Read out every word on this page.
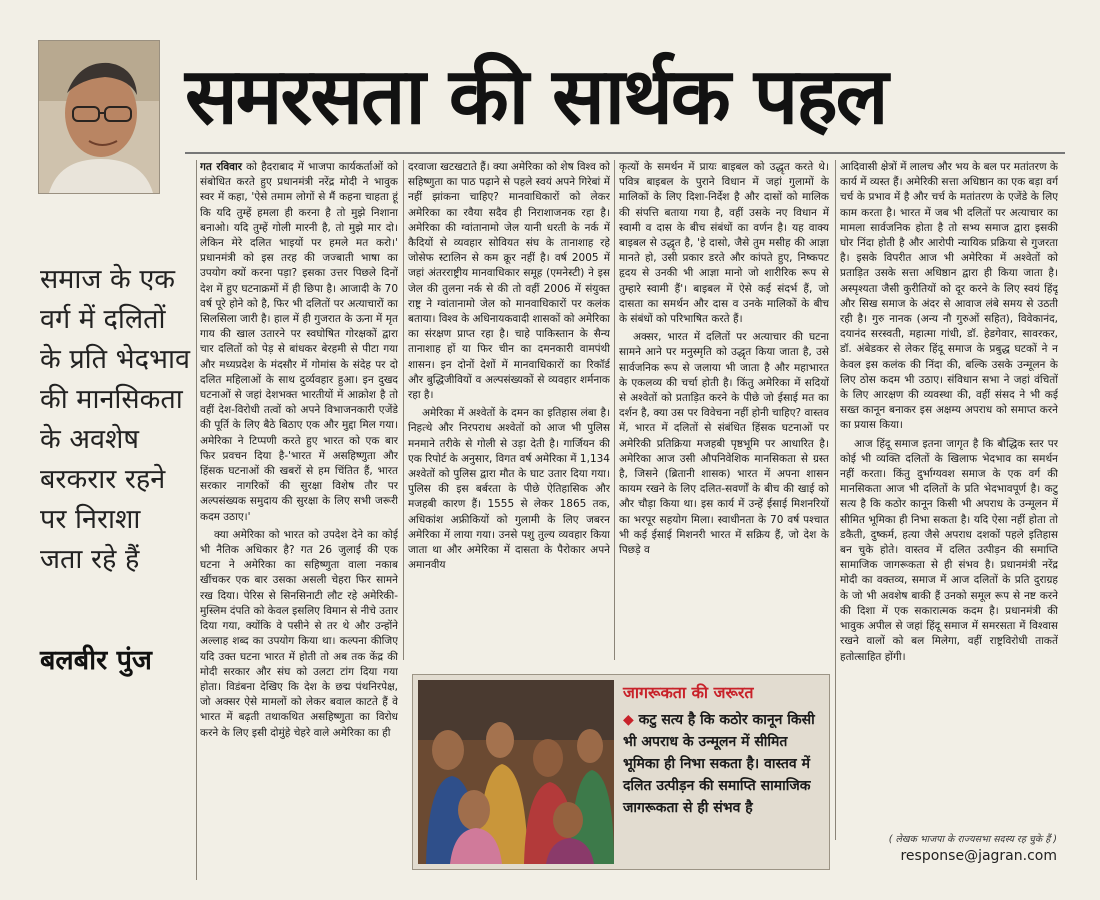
समरसता की सार्थक पहल
समाज के एक वर्ग में दलितों के प्रति भेदभाव की मानसिकता के अवशेष बरकरार रहने पर निराशा जता रहे हैं
बलबीर पुंज

गत रविवार को हैदराबाद में भाजपा कार्यकर्ताओं को संबोधित करते हुए प्रधानमंत्री नरेंद्र मोदी ने भावुक स्वर में कहा, 'ऐसे तमाम लोगों से मैं कहना चाहता हूं कि यदि तुम्हें हमला ही करना है तो मुझे निशाना बनाओ। यदि तुम्हें गोली मारनी है, तो मुझे मार दो। लेकिन मेरे दलित भाइयों पर हमले मत करो।' प्रधानमंत्री को इस तरह की जज्बाती भाषा का उपयोग क्यों करना पड़ा? इसका उत्तर पिछले दिनों देश में हुए घटनाक्रमों में ही छिपा है। आजादी के 70 वर्ष पूरे होने को है, फिर भी दलितों पर अत्याचारों का सिलसिला जारी है। हाल में ही गुजरात के ऊना में मृत गाय की खाल उतारने पर स्वघोषित गोरक्षकों द्वारा चार दलितों को पेड़ से बांधकर बेरहमी से पीटा गया और मध्यप्रदेश के मंदसौर में गोमांस के संदेह पर दो दलित महिलाओं के साथ दुर्व्यवहार हुआ। इन दुखद घटनाओं से जहां देशभक्त भारतीयों में आक्रोश है तो वहीं देश-विरोधी तत्वों को अपने विभाजनकारी एजेंडे की पूर्ति के लिए बैठे बिठाए एक और मुद्दा मिल गया। अमेरिका ने टिप्पणी करते हुए भारत को एक बार फिर प्रवचन दिया है-'भारत में असहिष्णुता और हिंसक घटनाओं की खबरों से हम चिंतित हैं, भारत सरकार नागरिकों की सुरक्षा विशेष तौर पर अल्पसंख्यक समुदाय की सुरक्षा के लिए सभी जरूरी कदम उठाए।'

क्या अमेरिका को भारत को उपदेश देने का कोई भी नैतिक अधिकार है? गत 26 जुलाई की एक घटना ने अमेरिका का सहिष्णुता वाला नकाब खींचकर एक बार उसका असली चेहरा फिर सामने रख दिया। पेरिस से सिनसिनाटी लौट रहे अमेरिकी-मुस्लिम दंपति को केवल इसलिए विमान से नीचे उतार दिया गया, क्योंकि वे पसीने से तर थे और उन्होंने अल्लाह शब्द का उपयोग किया था। कल्पना कीजिए यदि उक्त घटना भारत में होती तो अब तक केंद्र की मोदी सरकार और संघ को उलटा टांग दिया गया होता। विडंबना देखिए कि देश के छद्म पंथनिरपेक्ष, जो अक्सर ऐसे मामलों को लेकर बवाल काटते हैं वे भारत में बढ़ती तथाकथित असहिष्णुता का विरोध करने के लिए इसी दोमुंहे चेहरे वाले अमेरिका का ही

दरवाजा खटखटाते हैं। क्या अमेरिका को शेष विश्व को सहिष्णुता का पाठ पढ़ाने से पहले स्वयं अपने गिरेबां में नहीं झांकना चाहिए? मानवाधिकारों को लेकर अमेरिका का रवैया सदैव ही निराशाजनक रहा है। अमेरिका की ग्वांतानामो जेल यानी धरती के नर्क में कैदियों से व्यवहार सोवियत संघ के तानाशाह रहे जोसेफ स्टालिन से कम क्रूर नहीं है। वर्ष 2005 में जहां अंतरराष्ट्रीय मानवाधिकार समूह (एमनेस्टी) ने इस जेल की तुलना नर्क से की तो वहीं 2006 में संयुक्त राष्ट्र ने ग्वांतानामो जेल को मानवाधिकारों पर कलंक बताया। विश्व के अधिनायकवादी शासकों को अमेरिका का संरक्षण प्राप्त रहा है। चाहे पाकिस्तान के सैन्य तानाशाह हों या फिर चीन का दमनकारी वामपंथी शासन। इन दोनों देशों में मानवाधिकारों का रिकॉर्ड और बुद्धिजीवियों व अल्पसंख्यकों से व्यवहार शर्मनाक रहा है।

अमेरिका में अश्वेतों के दमन का इतिहास लंबा है। निहत्थे और निरपराध अश्वेतों को आज भी पुलिस मनमाने तरीके से गोली से उड़ा देती है। गार्जियन की एक रिपोर्ट के अनुसार, विगत वर्ष अमेरिका में 1,134 अश्वेतों को पुलिस द्वारा मौत के घाट उतार दिया गया। पुलिस की इस बर्बरता के पीछे ऐतिहासिक और मजहबी कारण हैं। 1555 से लेकर 1865 तक, अधिकांश अफ्रीकियों को गुलामी के लिए जबरन अमेरिका में लाया गया। उनसे पशु तुल्य व्यवहार किया जाता था और अमेरिका में दासता के पैरोकार अपने अमानवीय

कृत्यों के समर्थन में प्रायः बाइबल को उद्धृत करते थे। पवित्र बाइबल के पुराने विधान में जहां गुलामों के मालिकों के लिए दिशा-निर्देश है और दासों को मालिक की संपत्ति बताया गया है, वहीं उसके नए विधान में स्वामी व दास के बीच संबंधों का वर्णन है। यह वाक्य बाइबल से उद्धृत है, 'हे दासो, जैसे तुम मसीह की आज्ञा मानते हो, उसी प्रकार डरते और कांपते हुए, निष्कपट हृदय से उनकी भी आज्ञा मानो जो शारीरिक रूप से तुम्हारे स्वामी हैं'। बाइबल में ऐसे कई संदर्भ हैं, जो दासता का समर्थन और दास व उनके मालिकों के बीच के संबंधों को परिभाषित करते हैं।

अक्सर, भारत में दलितों पर अत्याचार की घटना सामने आने पर मनुस्मृति को उद्धृत किया जाता है, उसे सार्वजनिक रूप से जलाया भी जाता है और महाभारत के एकलव्य की चर्चा होती है। किंतु अमेरिका में सदियों से अश्वेतों को प्रताड़ित करने के पीछे जो ईसाई मत का दर्शन है, क्या उस पर विवेचना नहीं होनी चाहिए? वास्तव में, भारत में दलितों से संबंधित हिंसक घटनाओं पर अमेरिकी प्रतिक्रिया मजहबी पृष्ठभूमि पर आधारित है। अमेरिका आज उसी औपनिवेशिक मानसिकता से ग्रस्त है, जिसने (ब्रितानी शासक) भारत में अपना शासन कायम रखने के लिए दलित-सवर्णों के बीच की खाई को और चौड़ा किया था। इस कार्य में उन्हें ईसाई मिशनरियों का भरपूर सहयोग मिला। स्वाधीनता के 70 वर्ष पश्चात भी कई ईसाई मिशनरी भारत में सक्रिय हैं, जो देश के पिछड़े व

आदिवासी क्षेत्रों में लालच और भय के बल पर मतांतरण के कार्य में व्यस्त हैं। अमेरिकी सत्ता अधिष्ठान का एक बड़ा वर्ग चर्च के प्रभाव में है और चर्च के मतांतरण के एजेंडे के लिए काम करता है। भारत में जब भी दलितों पर अत्याचार का मामला सार्वजनिक होता है तो सभ्य समाज द्वारा इसकी घोर निंदा होती है और आरोपी न्यायिक प्रक्रिया से गुजरता है। इसके विपरीत आज भी अमेरिका में अश्वेतों को प्रताड़ित उसके सत्ता अधिष्ठान द्वारा ही किया जाता है। अस्पृश्यता जैसी कुरीतियों को दूर करने के लिए स्वयं हिंदू और सिख समाज के अंदर से आवाज लंबे समय से उठती रही है। गुरु नानक (अन्य नौ गुरुओं सहित), विवेकानंद, दयानंद सरस्वती, महात्मा गांधी, डॉ. हेडगेवार, सावरकर, डॉ. अंबेडकर से लेकर हिंदू समाज के प्रबुद्ध घटकों ने न केवल इस कलंक की निंदा की, बल्कि उसके उन्मूलन के लिए ठोस कदम भी उठाए। संविधान सभा ने जहां वंचितों के लिए आरक्षण की व्यवस्था की, वहीं संसद ने भी कई सख्त कानून बनाकर इस अक्षम्य अपराध को समाप्त करने का प्रयास किया।

आज हिंदू समाज इतना जागृत है कि बौद्धिक स्तर पर कोई भी व्यक्ति दलितों के खिलाफ भेदभाव का समर्थन नहीं करता। किंतु दुर्भाग्यवश समाज के एक वर्ग की मानसिकता आज भी दलितों के प्रति भेदभावपूर्ण है। कटु सत्य है कि कठोर कानून किसी भी अपराध के उन्मूलन में सीमित भूमिका ही निभा सकता है। यदि ऐसा नहीं होता तो डकैती, दुष्कर्म, हत्या जैसे अपराध दशकों पहले इतिहास बन चुके होते। वास्तव में दलित उत्पीड़न की समाप्ति सामाजिक जागरूकता से ही संभव है। प्रधानमंत्री नरेंद्र मोदी का वक्तव्य, समाज में आज दलितों के प्रति दुराग्रह के जो भी अवशेष बाकी हैं उनको समूल रूप से नष्ट करने की दिशा में एक सकारात्मक कदम है। प्रधानमंत्री की भावुक अपील से जहां हिंदू समाज में समरसता में विश्वास रखने वालों को बल मिलेगा, वहीं राष्ट्रविरोधी ताकतें हतोत्साहित होंगी।

जागरूकता की जरूरत
◆ कटु सत्य है कि कठोर कानून किसी भी अपराध के उन्मूलन में सीमित भूमिका ही निभा सकता है। वास्तव में दलित उत्पीड़न की समाप्ति सामाजिक जागरूकता से ही संभव है
( लेखक भाजपा के राज्यसभा सदस्य रह चुके हैं )
response@jagran.com
